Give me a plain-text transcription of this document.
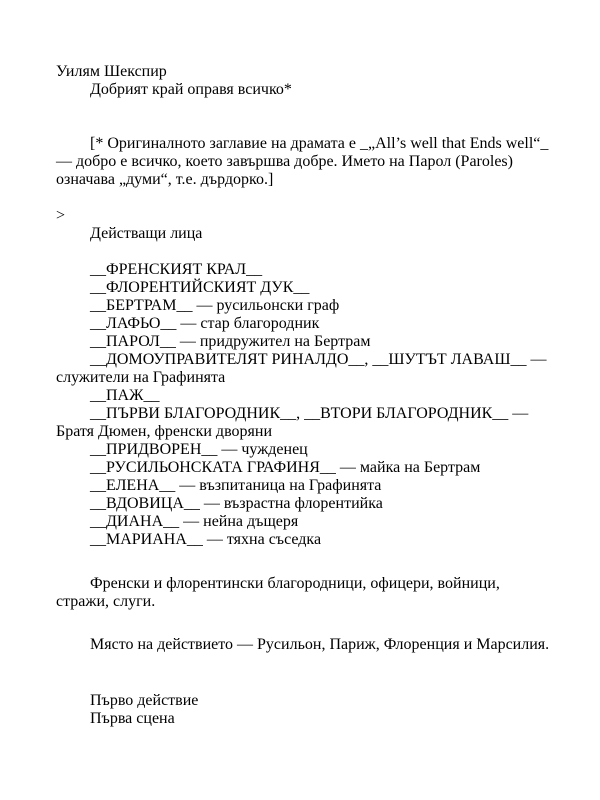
Уилям Шекспир
Добрият край оправя всичко*
[* Оригиналното заглавие на драмата е _„All’s well that Ends well“_
— добро е всичко, което завършва добре. Името на Парол (Paroles)
означава „думи“, т.е. дърдорко.]
>
Действащи лица
__ФРЕНСКИЯТ КРАЛ__
__ФЛОРЕНТИЙСКИЯТ ДУК__
__БЕРТРАМ__ — русильонски граф
__ЛАФЬО__ — стар благородник
__ПАРОЛ__ — придружител на Бертрам
__ДОМОУПРАВИТЕЛЯТ РИНАЛДО__, __ШУТЪТ ЛАВАШ__ —
служители на Графинята
__ПАЖ__
__ПЪРВИ БЛАГОРОДНИК__, __ВТОРИ БЛАГОРОДНИК__ —
Братя Дюмен, френски дворяни
__ПРИДВОРЕН__ — чужденец
__РУСИЛЬОНСКАТА ГРАФИНЯ__ — майка на Бертрам
__ЕЛЕНА__ — възпитаница на Графинята
__ВДОВИЦА__ — възрастна флорентийка
__ДИАНА__ — нейна дъщеря
__МАРИАНА__ — тяхна съседка
Френски и флорентински благородници, офицери, войници,
стражи, слуги.
Място на действието — Русильон, Париж, Флоренция и Марсилия.
Първо действие
Първа сцена
